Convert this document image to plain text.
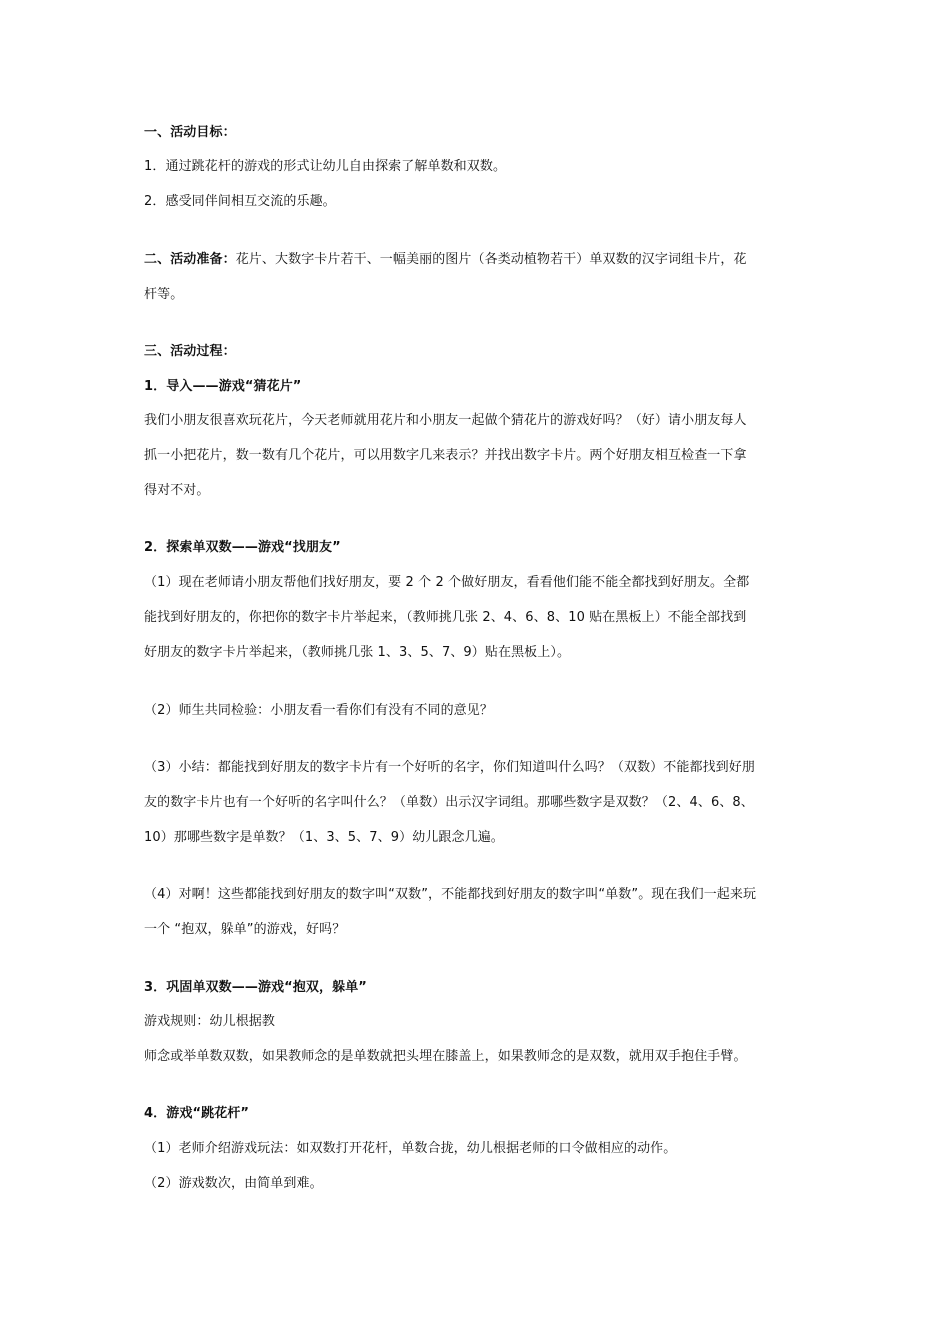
一、活动目标：
1．通过跳花杆的游戏的形式让幼儿自由探索了解单数和双数。
2．感受同伴间相互交流的乐趣。
二、活动准备：花片、大数字卡片若干、一幅美丽的图片（各类动植物若干）单双数的汉字词组卡片，花
杆等。
三、活动过程：
1．导入——游戏“猜花片”
我们小朋友很喜欢玩花片，今天老师就用花片和小朋友一起做个猜花片的游戏好吗？（好）请小朋友每人
抓一小把花片，数一数有几个花片，可以用数字几来表示？并找出数字卡片。两个好朋友相互检查一下拿
得对不对。
2．探索单双数——游戏“找朋友”
（1）现在老师请小朋友帮他们找好朋友，要 2 个 2 个做好朋友，看看他们能不能全都找到好朋友。全都
能找到好朋友的，你把你的数字卡片举起来，（教师挑几张 2、4、6、8、10 贴在黑板上）不能全部找到
好朋友的数字卡片举起来，（教师挑几张 1、3、5、7、9）贴在黑板上）。
（2）师生共同检验：小朋友看一看你们有没有不同的意见？
（3）小结：都能找到好朋友的数字卡片有一个好听的名字，你们知道叫什么吗？（双数）不能都找到好朋
友的数字卡片也有一个好听的名字叫什么？（单数）出示汉字词组。那哪些数字是双数？（2、4、6、8、
10）那哪些数字是单数？（1、3、5、7、9）幼儿跟念几遍。
（4）对啊！这些都能找到好朋友的数字叫“双数”，不能都找到好朋友的数字叫“单数”。现在我们一起来玩
一个 “抱双，躲单”的游戏，好吗？
3．巩固单双数——游戏“抱双，躲单”
游戏规则：幼儿根据教
师念或举单数双数，如果教师念的是单数就把头埋在膝盖上，如果教师念的是双数，就用双手抱住手臂。
4．游戏“跳花杆”
（1）老师介绍游戏玩法：如双数打开花杆，单数合拢，幼儿根据老师的口令做相应的动作。
（2）游戏数次，由简单到难。
